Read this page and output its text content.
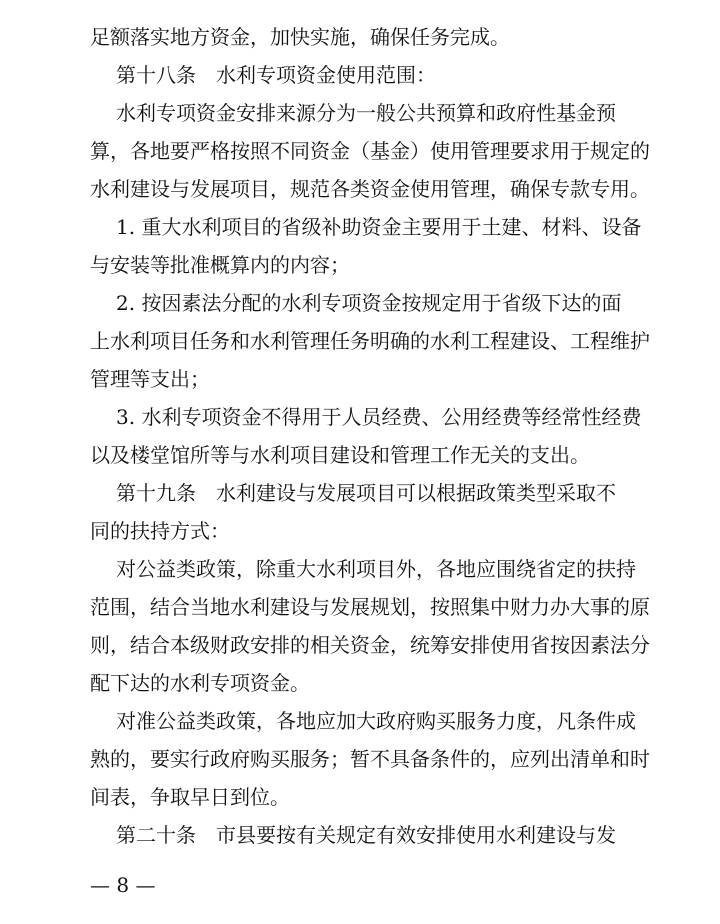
足额落实地方资金，加快实施，确保任务完成。
第十八条　水利专项资金使用范围：
水利专项资金安排来源分为一般公共预算和政府性基金预
算，各地要严格按照不同资金（基金）使用管理要求用于规定的
水利建设与发展项目，规范各类资金使用管理，确保专款专用。
1. 重大水利项目的省级补助资金主要用于土建、材料、设备
与安装等批准概算内的内容；
2. 按因素法分配的水利专项资金按规定用于省级下达的面
上水利项目任务和水利管理任务明确的水利工程建设、工程维护
管理等支出；
3. 水利专项资金不得用于人员经费、公用经费等经常性经费
以及楼堂馆所等与水利项目建设和管理工作无关的支出。
第十九条　水利建设与发展项目可以根据政策类型采取不
同的扶持方式：
对公益类政策，除重大水利项目外，各地应围绕省定的扶持
范围，结合当地水利建设与发展规划，按照集中财力办大事的原
则，结合本级财政安排的相关资金，统筹安排使用省按因素法分
配下达的水利专项资金。
对准公益类政策，各地应加大政府购买服务力度，凡条件成
熟的，要实行政府购买服务；暂不具备条件的，应列出清单和时
间表，争取早日到位。
第二十条　市县要按有关规定有效安排使用水利建设与发
— 8 —
